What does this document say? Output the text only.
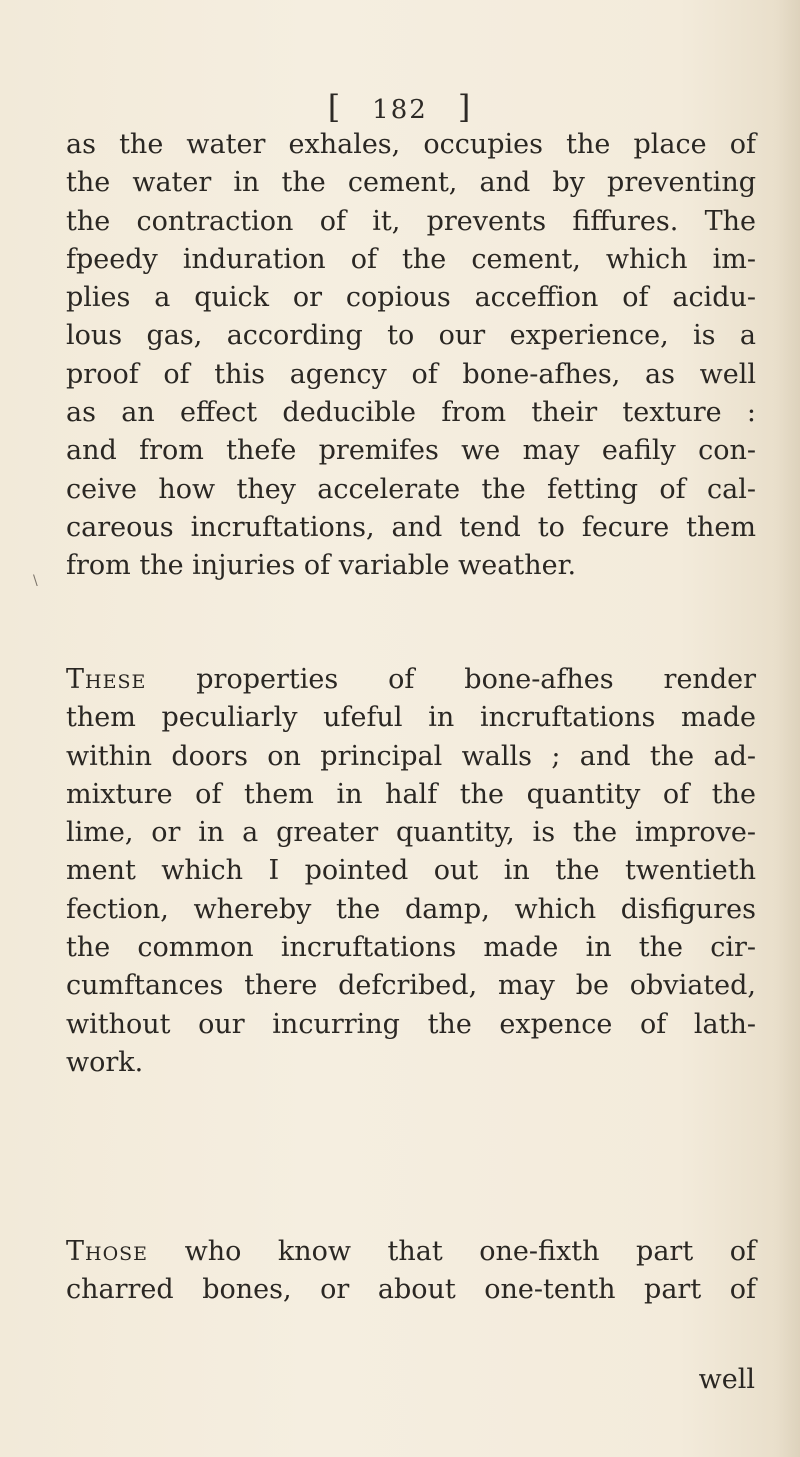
[ 182 ]
\
as the water exhales, occupies the place of
the water in the cement, and by preventing
the contraction of it, prevents fiffures. The
fpeedy induration of the cement, which im-
plies a quick or copious acceffion of acidu-
lous gas, according to our experience, is a
proof of this agency of bone-afhes, as well
as an effect deducible from their texture :
and from thefe premifes we may eafily con-
ceive how they accelerate the fetting of cal-
careous incruftations, and tend to fecure them
from the injuries of variable weather.
These properties of bone-afhes render
them peculiarly ufeful in incruftations made
within doors on principal walls ; and the ad-
mixture of them in half the quantity of the
lime, or in a greater quantity, is the improve-
ment which I pointed out in the twentieth
fection, whereby the damp, which disfigures
the common incruftations made in the cir-
cumftances there defcribed, may be obviated,
without our incurring the expence of lath-
work.
Those who know that one-fixth part of
charred bones, or about one-tenth part of
well
